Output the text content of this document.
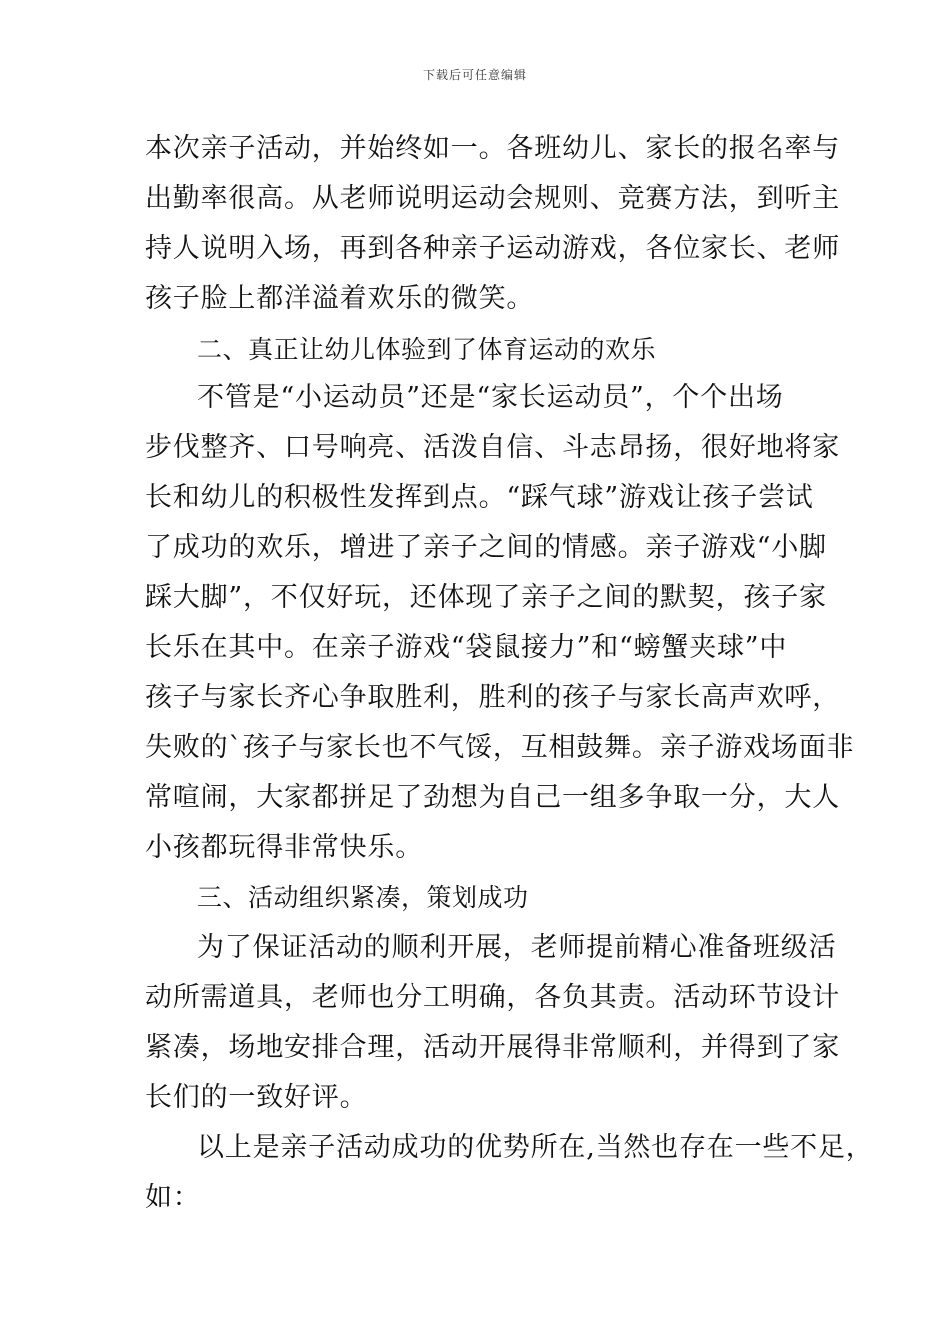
下载后可任意编辑
本次亲子活动，并始终如一。各班幼儿、家长的报名率与
出勤率很高。从老师说明运动会规则、竞赛方法，到听主
持人说明入场，再到各种亲子运动游戏，各位家长、老师
孩子脸上都洋溢着欢乐的微笑。
二、真正让幼儿体验到了体育运动的欢乐
不管是“小运动员”还是“家长运动员”，个个出场
步伐整齐、口号响亮、活泼自信、斗志昂扬，很好地将家
长和幼儿的积极性发挥到点。“踩气球”游戏让孩子尝试
了成功的欢乐，增进了亲子之间的情感。亲子游戏“小脚
踩大脚”，不仅好玩，还体现了亲子之间的默契，孩子家
长乐在其中。在亲子游戏“袋鼠接力”和“螃蟹夹球”中
孩子与家长齐心争取胜利，胜利的孩子与家长高声欢呼，
失败的`孩子与家长也不气馁，互相鼓舞。亲子游戏场面非
常喧闹，大家都拼足了劲想为自己一组多争取一分，大人
小孩都玩得非常快乐。
三、活动组织紧凑，策划成功
为了保证活动的顺利开展，老师提前精心准备班级活
动所需道具，老师也分工明确，各负其责。活动环节设计
紧凑，场地安排合理，活动开展得非常顺利，并得到了家
长们的一致好评。
以上是亲子活动成功的优势所在,当然也存在一些不足，
如：
